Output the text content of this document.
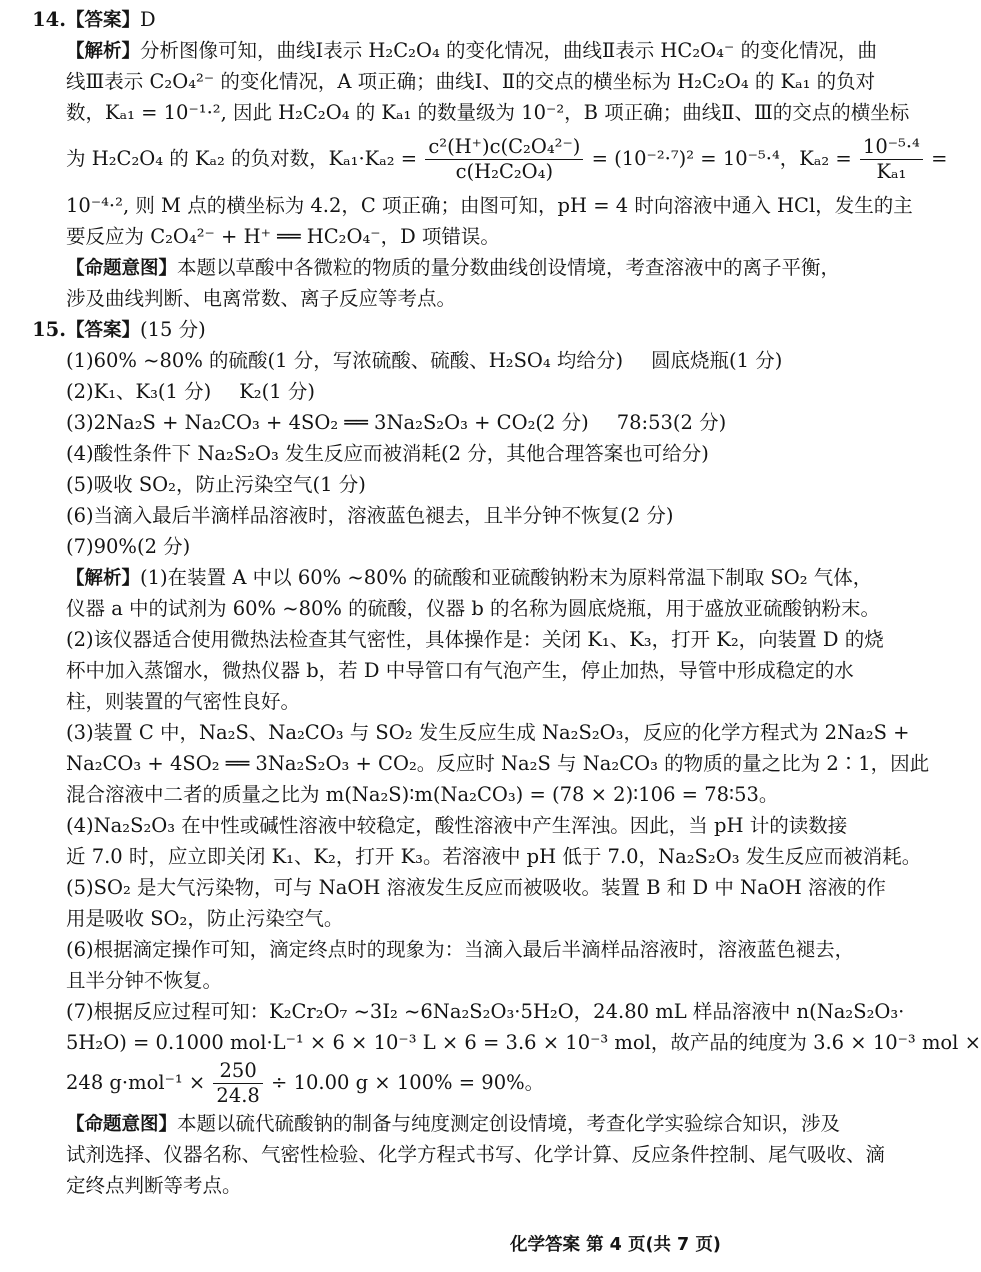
14.【答案】D
【解析】分析图像可知，曲线Ⅰ表示 H₂C₂O₄ 的变化情况，曲线Ⅱ表示 HC₂O₄⁻ 的变化情况，曲
线Ⅲ表示 C₂O₄²⁻ 的变化情况，A 项正确；曲线Ⅰ、Ⅱ的交点的横坐标为 H₂C₂O₄ 的 Kₐ₁ 的负对
数，Kₐ₁ = 10⁻¹·², 因此 H₂C₂O₄ 的 Kₐ₁ 的数量级为 10⁻²，B 项正确；曲线Ⅱ、Ⅲ的交点的横坐标
为 H₂C₂O₄ 的 Kₐ₂ 的负对数，$K_{a1}\cdot K_{a2} = \frac{\text{c²(H⁺)c(C₂O₄²⁻)}}{\text{c(H₂C₂O₄)}} = (10^{-2}\cdot^7)^2 = 10^{-5}\cdot^4$，$K_{a2} = \frac{\text{10⁻⁵·⁴}}{\text{Kₐ₁}}$ =
10⁻⁴·², 则 M 点的横坐标为 4.2，C 项正确；由图可知，pH = 4 时向溶液中通入 HCl，发生的主
要反应为 C₂O₄²⁻ + H⁺ ══ HC₂O₄⁻，D 项错误。
【命题意图】本题以草酸中各微粒的物质的量分数曲线创设情境，考查溶液中的离子平衡，
涉及曲线判断、电离常数、离子反应等考点。
15.【答案】(15 分)
(1)60% ~80% 的硫酸(1 分，写浓硫酸、硫酸、H₂SO₄ 均给分) 圆底烧瓶(1 分)
(2)K₁、K₃(1 分) K₂(1 分)
(3)2Na₂S + Na₂CO₃ + 4SO₂ ══ 3Na₂S₂O₃ + CO₂(2 分) 78:53(2 分)
(4)酸性条件下 Na₂S₂O₃ 发生反应而被消耗(2 分，其他合理答案也可给分)
(5)吸收 SO₂，防止污染空气(1 分)
(6)当滴入最后半滴样品溶液时，溶液蓝色褪去，且半分钟不恢复(2 分)
(7)90%(2 分)
【解析】(1)在装置 A 中以 60% ~80% 的硫酸和亚硫酸钠粉末为原料常温下制取 SO₂ 气体，
仪器 a 中的试剂为 60% ~80% 的硫酸，仪器 b 的名称为圆底烧瓶，用于盛放亚硫酸钠粉末。
(2)该仪器适合使用微热法检查其气密性，具体操作是：关闭 K₁、K₃，打开 K₂，向装置 D 的烧
杯中加入蒸馏水，微热仪器 b，若 D 中导管口有气泡产生，停止加热，导管中形成稳定的水
柱，则装置的气密性良好。
(3)装置 C 中，Na₂S、Na₂CO₃ 与 SO₂ 发生反应生成 Na₂S₂O₃，反应的化学方程式为 2Na₂S +
Na₂CO₃ + 4SO₂ ══ 3Na₂S₂O₃ + CO₂。反应时 Na₂S 与 Na₂CO₃ 的物质的量之比为 2∶1，因此
混合溶液中二者的质量之比为 m(Na₂S)∶m(Na₂CO₃) = (78 × 2)∶106 = 78∶53。
(4)Na₂S₂O₃ 在中性或碱性溶液中较稳定，酸性溶液中产生浑浊。因此，当 pH 计的读数接
近 7.0 时，应立即关闭 K₁、K₂，打开 K₃。若溶液中 pH 低于 7.0，Na₂S₂O₃ 发生反应而被消耗。
(5)SO₂ 是大气污染物，可与 NaOH 溶液发生反应而被吸收。装置 B 和 D 中 NaOH 溶液的作
用是吸收 SO₂，防止污染空气。
(6)根据滴定操作可知，滴定终点时的现象为：当滴入最后半滴样品溶液时，溶液蓝色褪去，
且半分钟不恢复。
(7)根据反应过程可知：K₂Cr₂O₇ ~3I₂ ~6Na₂S₂O₃·5H₂O，24.80 mL 样品溶液中 n(Na₂S₂O₃·
5H₂O) = 0.1000 mol·L⁻¹ × 6 × 10⁻³ L × 6 = 3.6 × 10⁻³ mol，故产品的纯度为 3.6 × 10⁻³ mol ×
248 $g\cdot mol^{-1} \times \frac{250}{24.8} \div 10.00$ g × 100% = 90%。
【命题意图】本题以硫代硫酸钠的制备与纯度测定创设情境，考查化学实验综合知识，涉及
试剂选择、仪器名称、气密性检验、化学方程式书写、化学计算、反应条件控制、尾气吸收、滴
定终点判断等考点。
化学答案 第 4 页(共 7 页)
